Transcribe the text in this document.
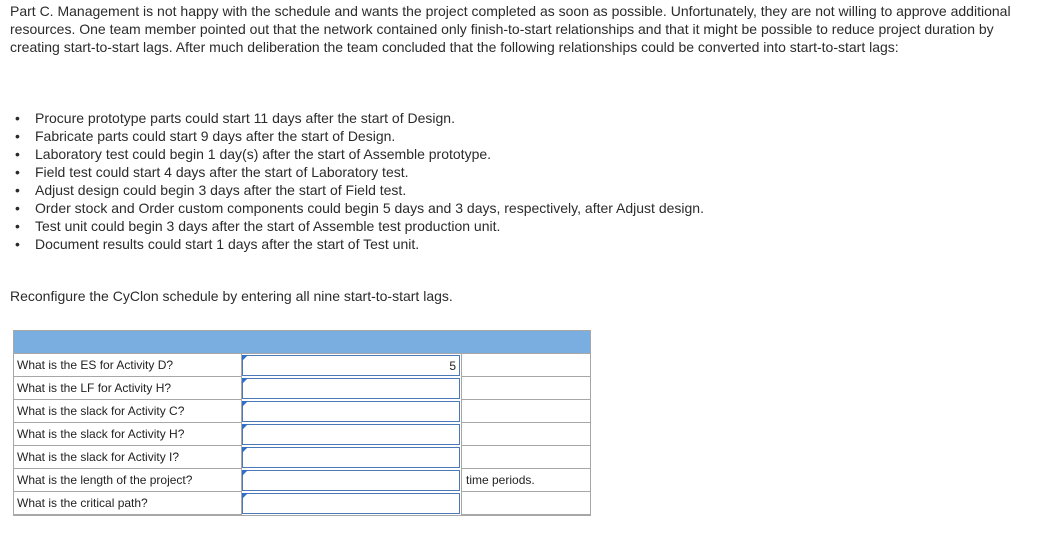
Part C. Management is not happy with the schedule and wants the project completed as soon as possible. Unfortunately, they are not willing to approve additional resources. One team member pointed out that the network contained only finish-to-start relationships and that it might be possible to reduce project duration by creating start-to-start lags. After much deliberation the team concluded that the following relationships could be converted into start-to-start lags:

• Procure prototype parts could start 11 days after the start of Design.
• Fabricate parts could start 9 days after the start of Design.
• Laboratory test could begin 1 day(s) after the start of Assemble prototype.
• Field test could start 4 days after the start of Laboratory test.
• Adjust design could begin 3 days after the start of Field test.
• Order stock and Order custom components could begin 5 days and 3 days, respectively, after Adjust design.
• Test unit could begin 3 days after the start of Assemble test production unit.
• Document results could start 1 days after the start of Test unit.

Reconfigure the CyClon schedule by entering all nine start-to-start lags.

What is the ES for Activity D?
5
What is the LF for Activity H?
What is the slack for Activity C?
What is the slack for Activity H?
What is the slack for Activity I?
What is the length of the project?	time periods.
What is the critical path?
